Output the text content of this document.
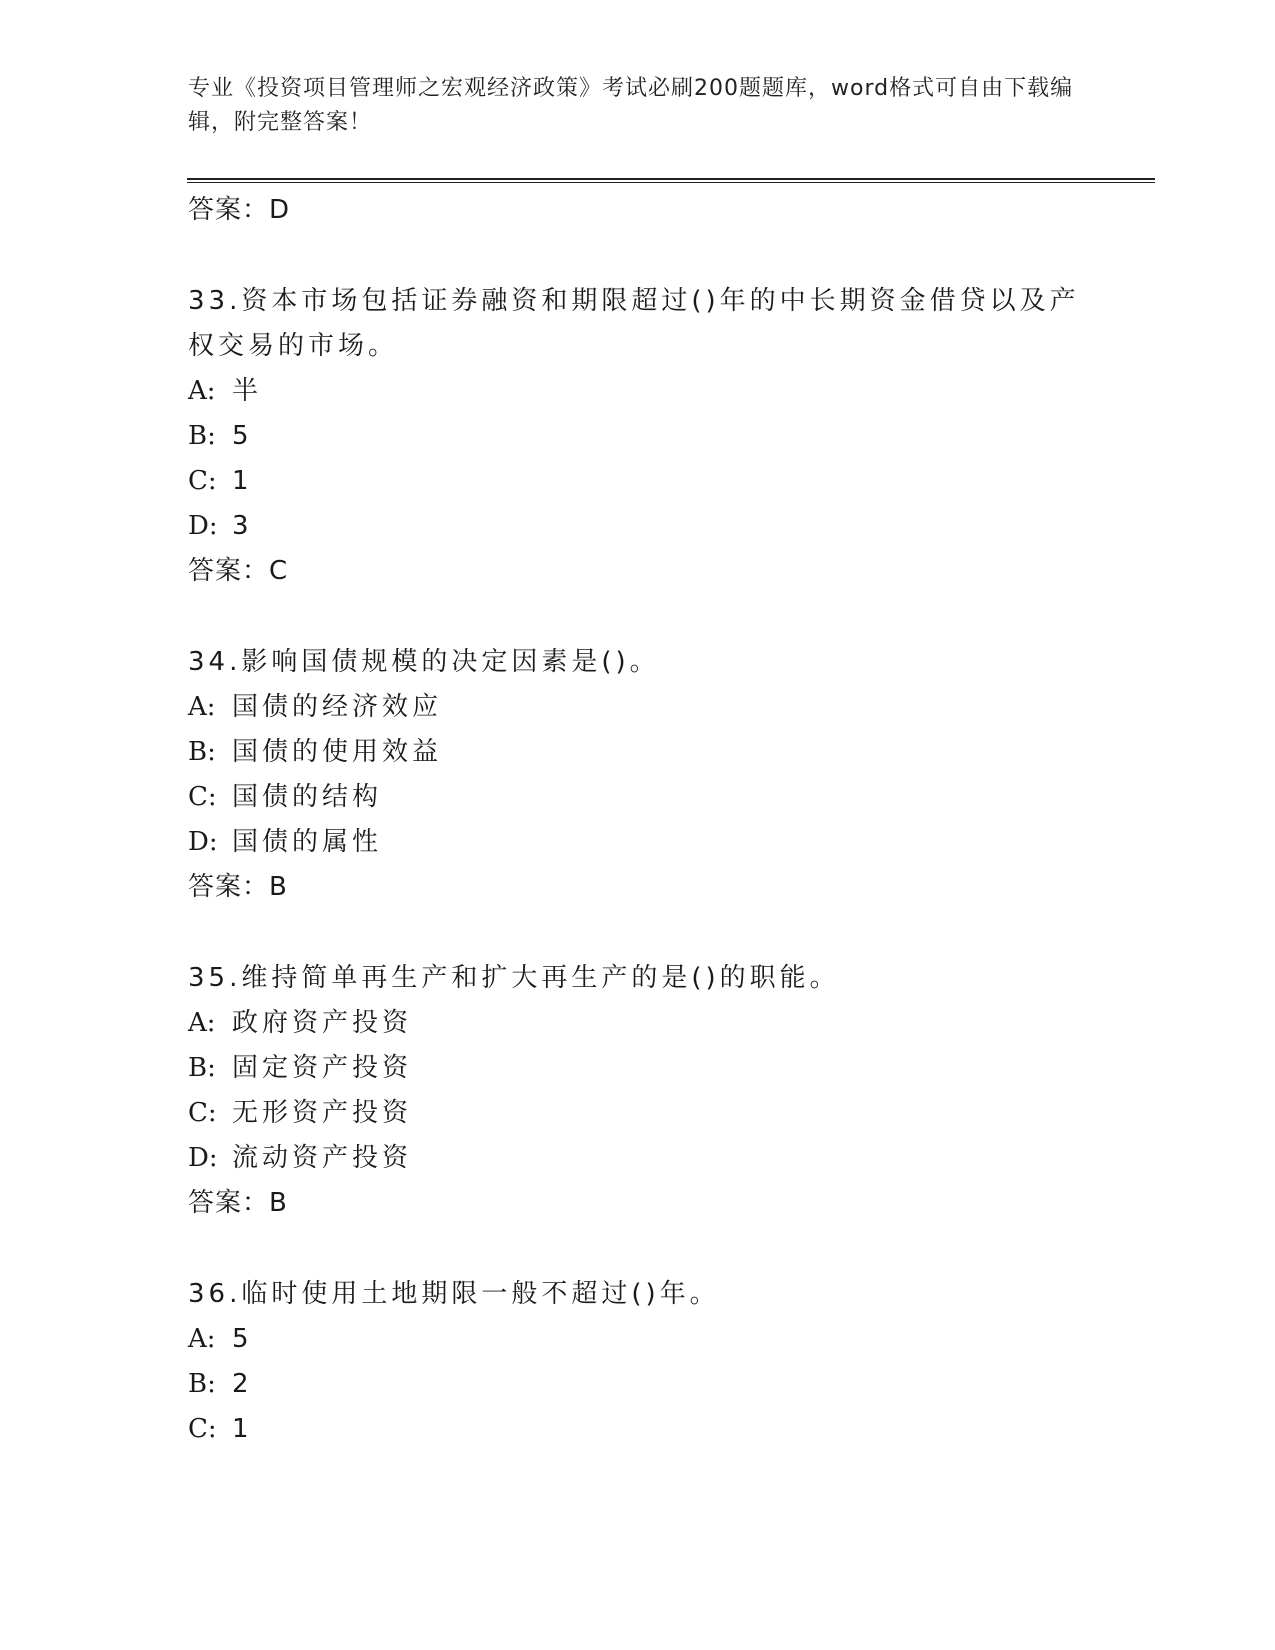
专业《投资项目管理师之宏观经济政策》考试必刷200题题库，word格式可自由下载编辑，附完整答案！
答案：D
33.资本市场包括证券融资和期限超过()年的中长期资金借贷以及产权交易的市场。
A: 半
B: 5
C: 1
D: 3
答案：C
34.影响国债规模的决定因素是()。
A: 国债的经济效应
B: 国债的使用效益
C: 国债的结构
D: 国债的属性
答案：B
35.维持简单再生产和扩大再生产的是()的职能。
A: 政府资产投资
B: 固定资产投资
C: 无形资产投资
D: 流动资产投资
答案：B
36.临时使用土地期限一般不超过()年。
A: 5
B: 2
C: 1
